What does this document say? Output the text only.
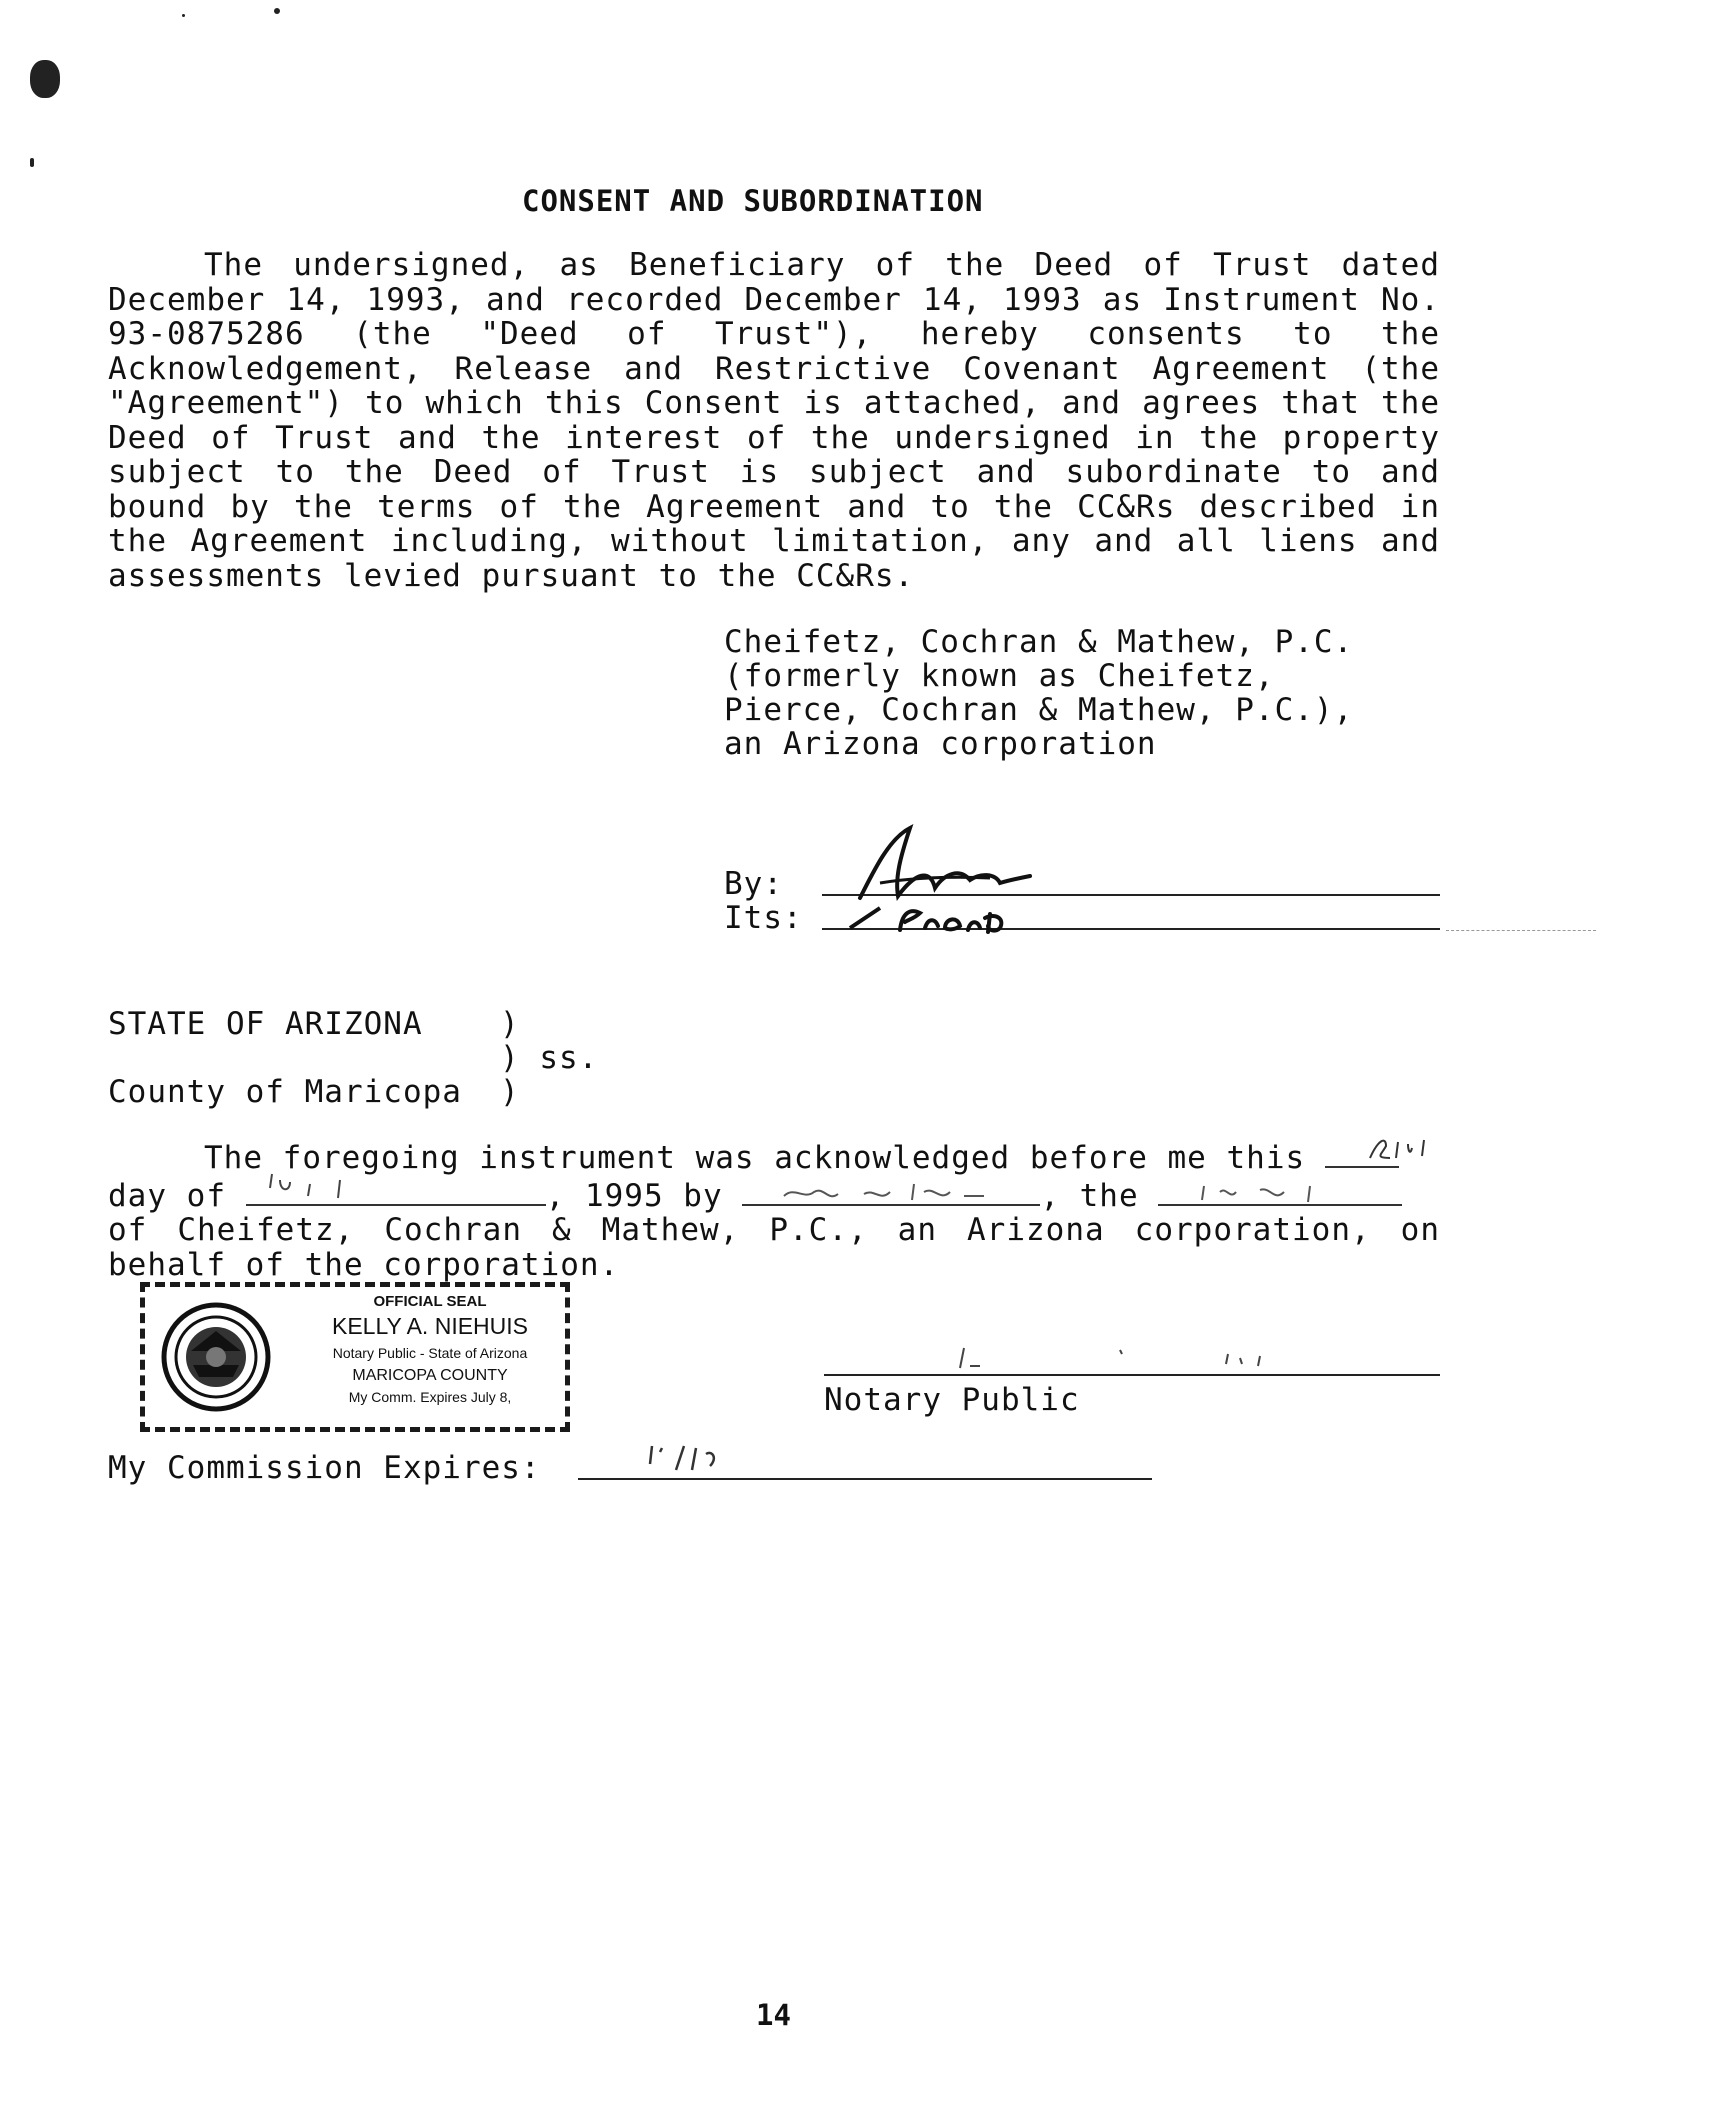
CONSENT AND SUBORDINATION
The undersigned, as Beneficiary of the Deed of Trust dated December 14, 1993, and recorded December 14, 1993 as Instrument No. 93-0875286 (the "Deed of Trust"), hereby consents to the Acknowledgement, Release and Restrictive Covenant Agreement (the "Agreement") to which this Consent is attached, and agrees that the Deed of Trust and the interest of the undersigned in the property subject to the Deed of Trust is subject and subordinate to and bound by the terms of the Agreement and to the CC&Rs described in the Agreement including, without limitation, any and all liens and assessments levied pursuant to the CC&Rs.
Cheifetz, Cochran & Mathew, P.C.
(formerly known as Cheifetz,
Pierce, Cochran & Mathew, P.C.),
an Arizona corporation
By:
Its:
STATE OF ARIZONA )
) ss.
County of Maricopa )
The foregoing instrument was acknowledged before me this
day of	, 1995 by	, the
of Cheifetz, Cochran & Mathew, P.C., an Arizona corporation, on
behalf of the corporation.
OFFICIAL SEAL
KELLY A. NIEHUIS
Notary Public - State of Arizona
MARICOPA COUNTY
My Comm. Expires July 8,	Notary Public
My Commission Expires:
14
